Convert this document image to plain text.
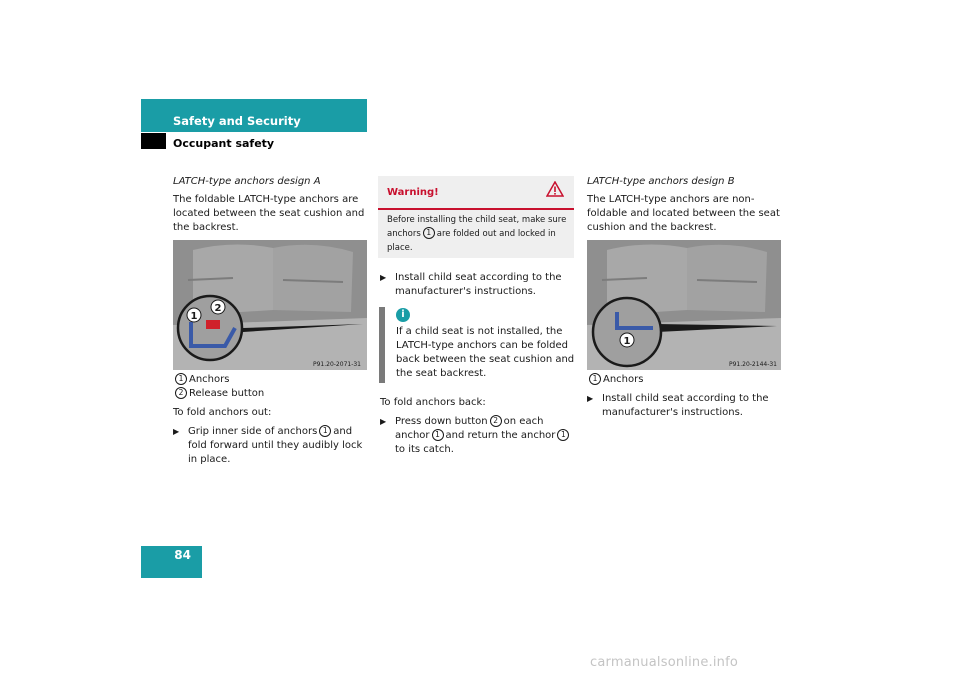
Safety and Security
Occupant safety
LATCH-type anchors design A
The foldable LATCH-type anchors are located between the seat cushion and the backrest.
1
2
P91.20-2071-31
1 Anchors
2 Release button
To fold anchors out:
▶ Grip inner side of anchors 1 and fold forward until they audibly lock in place.
Warning!
Before installing the child seat, make sure anchors 1 are folded out and locked in place.
▶ Install child seat according to the manufacturer's instructions.
i
If a child seat is not installed, the LATCH-type anchors can be folded back between the seat cushion and the seat backrest.
To fold anchors back:
▶ Press down button 2 on each anchor 1 and return the anchor 1to its catch.
LATCH-type anchors design B
The LATCH-type anchors are non-foldable and located between the seat cushion and the backrest.
1
P91.20-2144-31
1 Anchors
▶ Install child seat according to the manufacturer's instructions.
84
carmanualsonline.info
